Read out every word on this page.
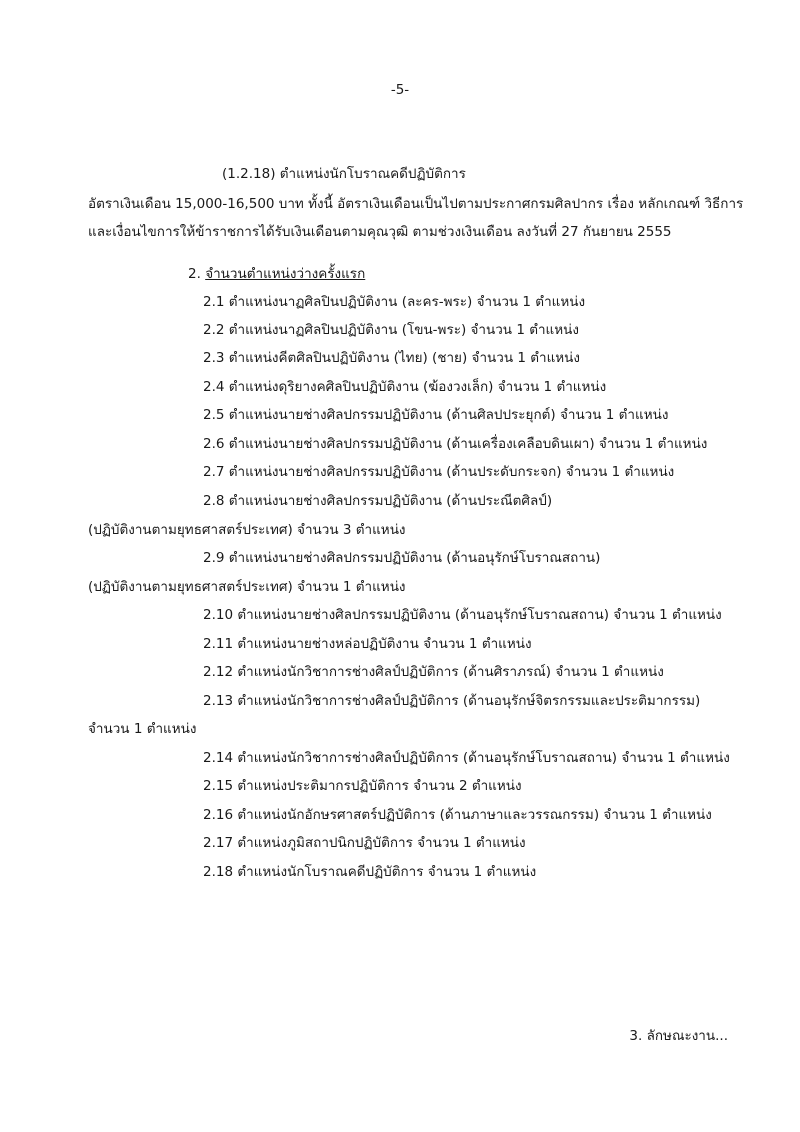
-5-
(1.2.18) ตำแหน่งนักโบราณคดีปฏิบัติการ
อัตราเงินเดือน 15,000-16,500 บาท ทั้งนี้ อัตราเงินเดือนเป็นไปตามประกาศกรมศิลปากร เรื่อง หลักเกณฑ์ วิธีการ
และเงื่อนไขการให้ข้าราชการได้รับเงินเดือนตามคุณวุฒิ ตามช่วงเงินเดือน ลงวันที่ 27 กันยายน 2555
2. จำนวนตำแหน่งว่างครั้งแรก
2.1 ตำแหน่งนาฏศิลปินปฏิบัติงาน (ละคร-พระ) จำนวน 1 ตำแหน่ง
2.2 ตำแหน่งนาฏศิลปินปฏิบัติงาน (โขน-พระ) จำนวน 1 ตำแหน่ง
2.3 ตำแหน่งคีตศิลปินปฏิบัติงาน (ไทย) (ชาย) จำนวน 1 ตำแหน่ง
2.4 ตำแหน่งดุริยางคศิลปินปฏิบัติงาน (ฆ้องวงเล็ก) จำนวน 1 ตำแหน่ง
2.5 ตำแหน่งนายช่างศิลปกรรมปฏิบัติงาน (ด้านศิลปประยุกต์) จำนวน 1 ตำแหน่ง
2.6 ตำแหน่งนายช่างศิลปกรรมปฏิบัติงาน (ด้านเครื่องเคลือบดินเผา) จำนวน 1 ตำแหน่ง
2.7 ตำแหน่งนายช่างศิลปกรรมปฏิบัติงาน (ด้านประดับกระจก) จำนวน 1 ตำแหน่ง
2.8 ตำแหน่งนายช่างศิลปกรรมปฏิบัติงาน (ด้านประณีตศิลป์)
(ปฏิบัติงานตามยุทธศาสตร์ประเทศ) จำนวน 3 ตำแหน่ง
2.9 ตำแหน่งนายช่างศิลปกรรมปฏิบัติงาน (ด้านอนุรักษ์โบราณสถาน)
(ปฏิบัติงานตามยุทธศาสตร์ประเทศ) จำนวน 1 ตำแหน่ง
2.10 ตำแหน่งนายช่างศิลปกรรมปฏิบัติงาน (ด้านอนุรักษ์โบราณสถาน) จำนวน 1 ตำแหน่ง
2.11 ตำแหน่งนายช่างหล่อปฏิบัติงาน จำนวน 1 ตำแหน่ง
2.12 ตำแหน่งนักวิชาการช่างศิลป์ปฏิบัติการ (ด้านศิราภรณ์) จำนวน 1 ตำแหน่ง
2.13 ตำแหน่งนักวิชาการช่างศิลป์ปฏิบัติการ (ด้านอนุรักษ์จิตรกรรมและประติมากรรม)
จำนวน 1 ตำแหน่ง
2.14 ตำแหน่งนักวิชาการช่างศิลป์ปฏิบัติการ (ด้านอนุรักษ์โบราณสถาน) จำนวน 1 ตำแหน่ง
2.15 ตำแหน่งประติมากรปฏิบัติการ จำนวน 2 ตำแหน่ง
2.16 ตำแหน่งนักอักษรศาสตร์ปฏิบัติการ (ด้านภาษาและวรรณกรรม) จำนวน 1 ตำแหน่ง
2.17 ตำแหน่งภูมิสถาปนิกปฏิบัติการ จำนวน 1 ตำแหน่ง
2.18 ตำแหน่งนักโบราณคดีปฏิบัติการ จำนวน 1 ตำแหน่ง
3. ลักษณะงาน...
